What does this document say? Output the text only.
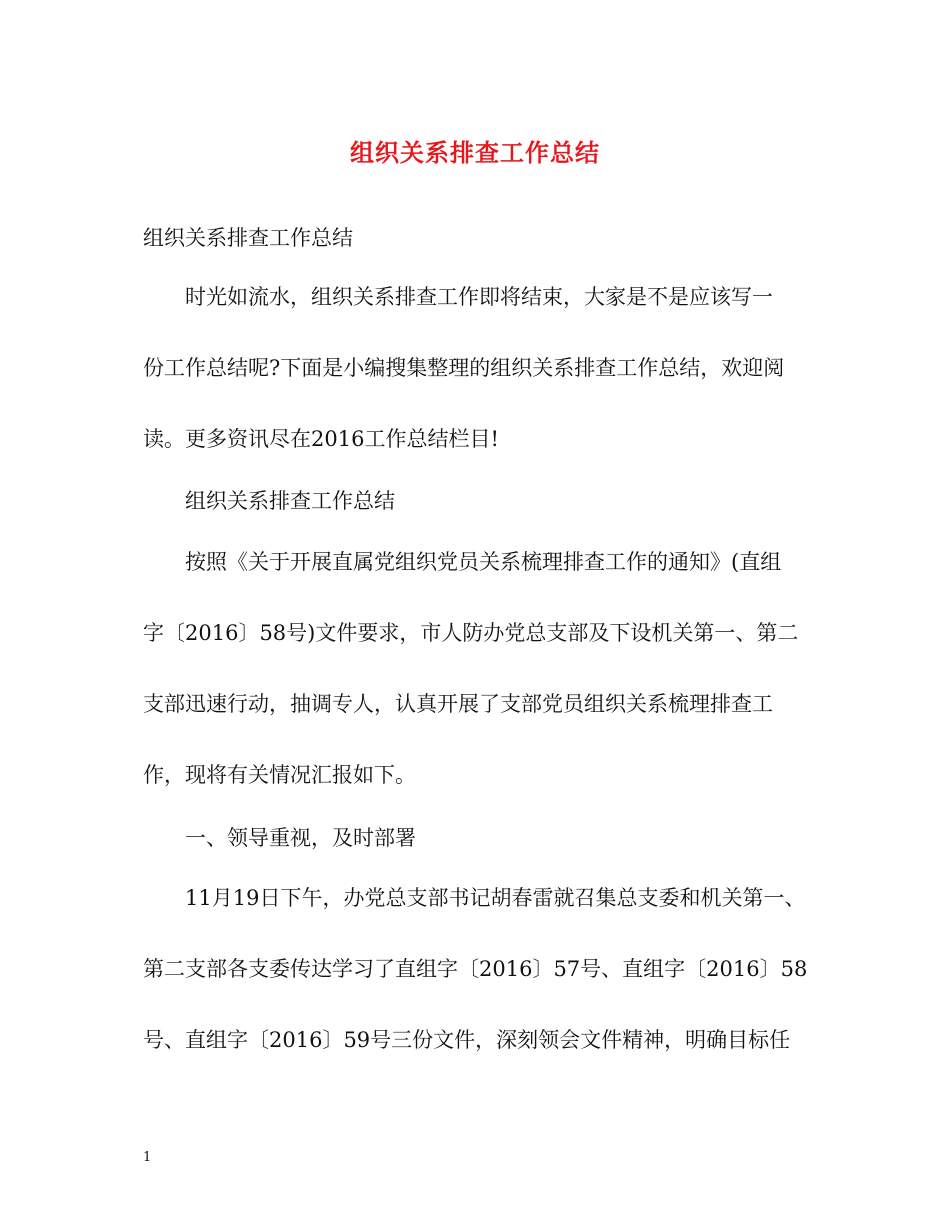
组织关系排查工作总结
组织关系排查工作总结
时光如流水，组织关系排查工作即将结束，大家是不是应该写一
份工作总结呢?下面是小编搜集整理的组织关系排查工作总结，欢迎阅
读。更多资讯尽在2016工作总结栏目!
组织关系排查工作总结
按照《关于开展直属党组织党员关系梳理排查工作的通知》(直组
字〔2016〕58号)文件要求，市人防办党总支部及下设机关第一、第二
支部迅速行动，抽调专人，认真开展了支部党员组织关系梳理排查工
作，现将有关情况汇报如下。
一、领导重视，及时部署
11月19日下午，办党总支部书记胡春雷就召集总支委和机关第一、
第二支部各支委传达学习了直组字〔2016〕57号、直组字〔2016〕58
号、直组字〔2016〕59号三份文件，深刻领会文件精神，明确目标任
1
